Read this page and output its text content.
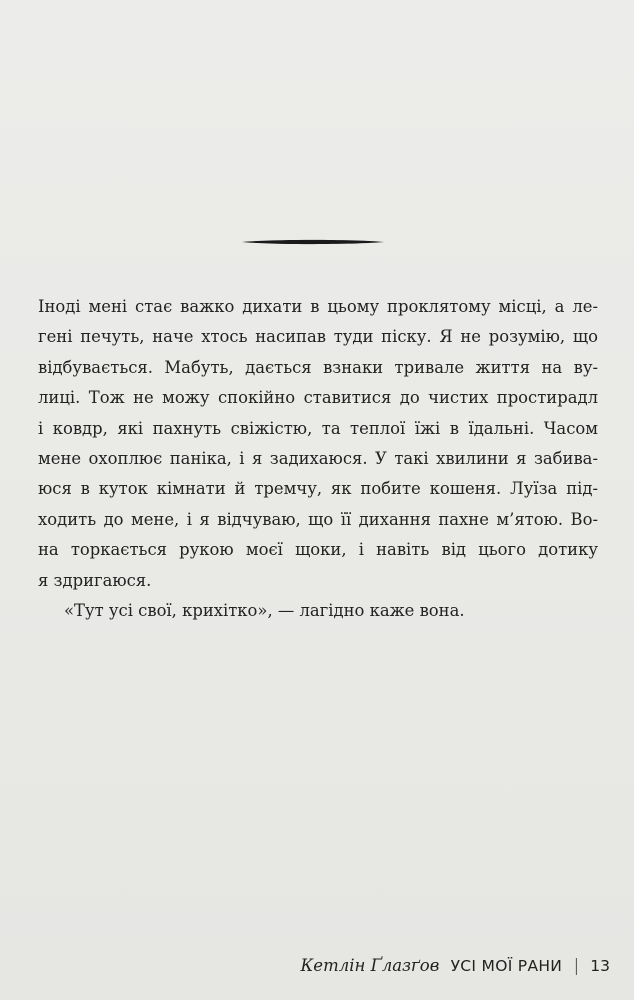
Іноді мені стає важко дихати в цьому проклятому місці, а ле-
гені печуть, наче хтось насипав туди піску. Я не розумію, що
відбувається. Мабуть, дається взнаки тривале життя на ву-
лиці. Тож не можу спокійно ставитися до чистих простирадл
і ковдр, які пахнуть свіжістю, та теплої їжі в їдальні. Часом
мене охоплює паніка, і я задихаюся. У такі хвилини я забива-
юся в куток кімнати й тремчу, як побите кошеня. Луїза під-
ходить до мене, і я відчуваю, що її дихання пахне м’ятою. Во-
на торкається рукою моєї щоки, і навіть від цього дотику
я здригаюся.
«Тут усі свої, крихітко», — лагідно каже вона.
Кетлін Ґлазґов УСІ МОЇ РАНИ | 13
